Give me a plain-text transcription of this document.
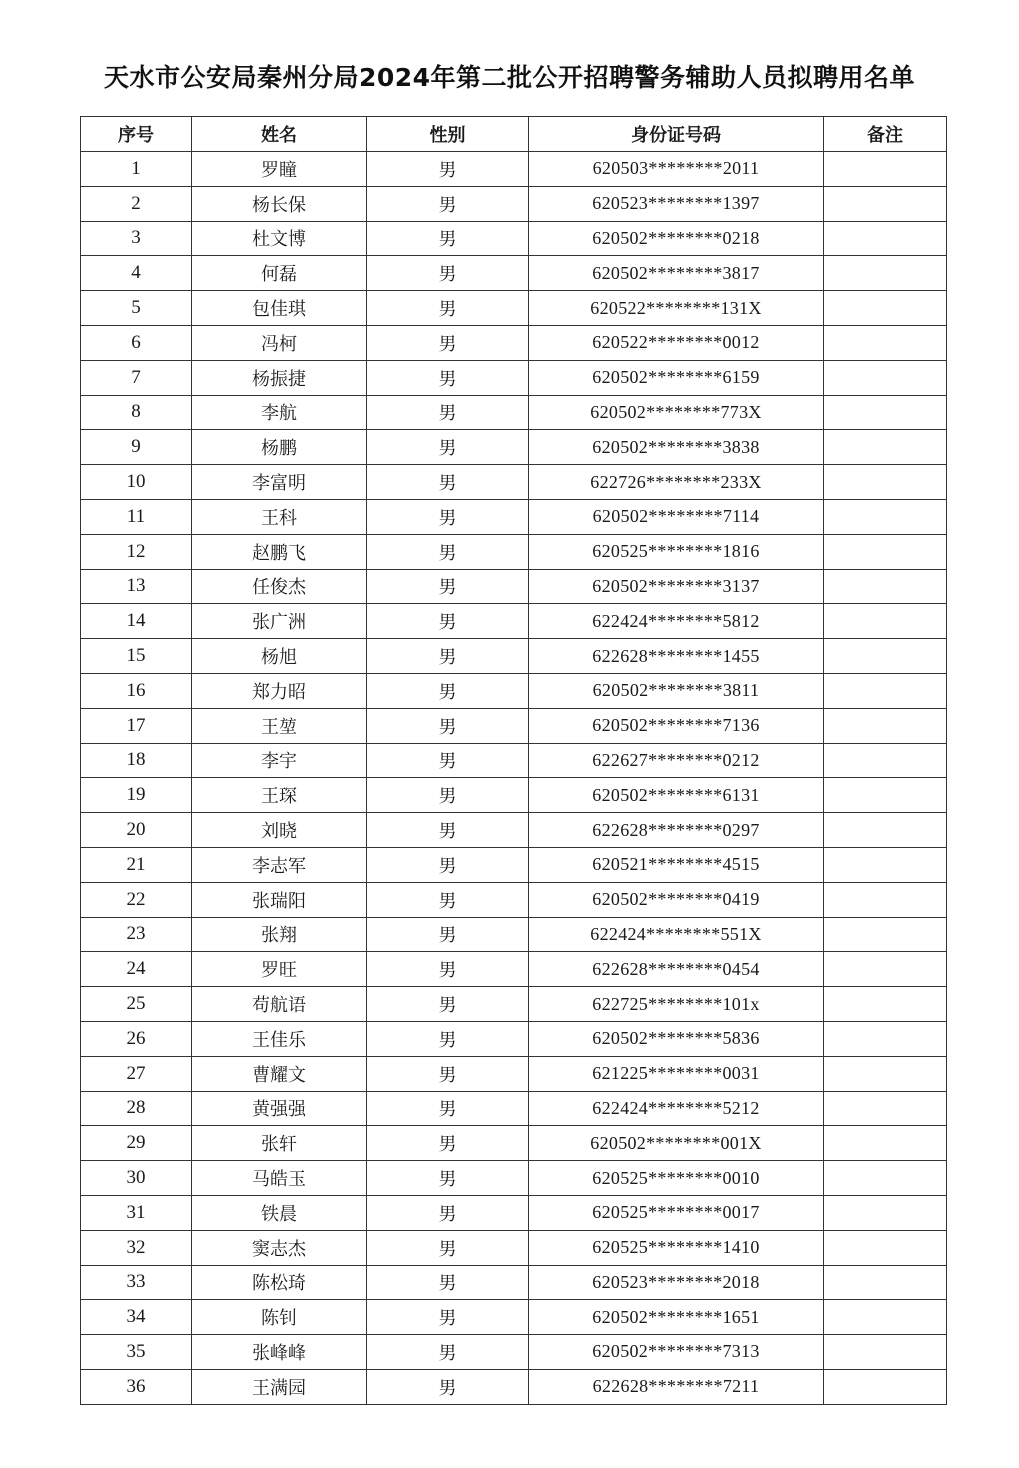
天水市公安局秦州分局2024年第二批公开招聘警务辅助人员拟聘用名单
序号	姓名	性别	身份证号码	备注
1	罗瞳	男	620503********2011	
2	杨长保	男	620523********1397	
3	杜文博	男	620502********0218	
4	何磊	男	620502********3817	
5	包佳琪	男	620522********131X	
6	冯柯	男	620522********0012	
7	杨振捷	男	620502********6159	
8	李航	男	620502********773X	
9	杨鹏	男	620502********3838	
10	李富明	男	622726********233X	
11	王科	男	620502********7114	
12	赵鹏飞	男	620525********1816	
13	任俊杰	男	620502********3137	
14	张广洲	男	622424********5812	
15	杨旭	男	622628********1455	
16	郑力昭	男	620502********3811	
17	王堃	男	620502********7136	
18	李宇	男	622627********0212	
19	王琛	男	620502********6131	
20	刘晓	男	622628********0297	
21	李志军	男	620521********4515	
22	张瑞阳	男	620502********0419	
23	张翔	男	622424********551X	
24	罗旺	男	622628********0454	
25	苟航语	男	622725********101x	
26	王佳乐	男	620502********5836	
27	曹耀文	男	621225********0031	
28	黄强强	男	622424********5212	
29	张轩	男	620502********001X	
30	马皓玉	男	620525********0010	
31	铁晨	男	620525********0017	
32	窦志杰	男	620525********1410	
33	陈松琦	男	620523********2018	
34	陈钊	男	620502********1651	
35	张峰峰	男	620502********7313	
36	王满园	男	622628********7211	
